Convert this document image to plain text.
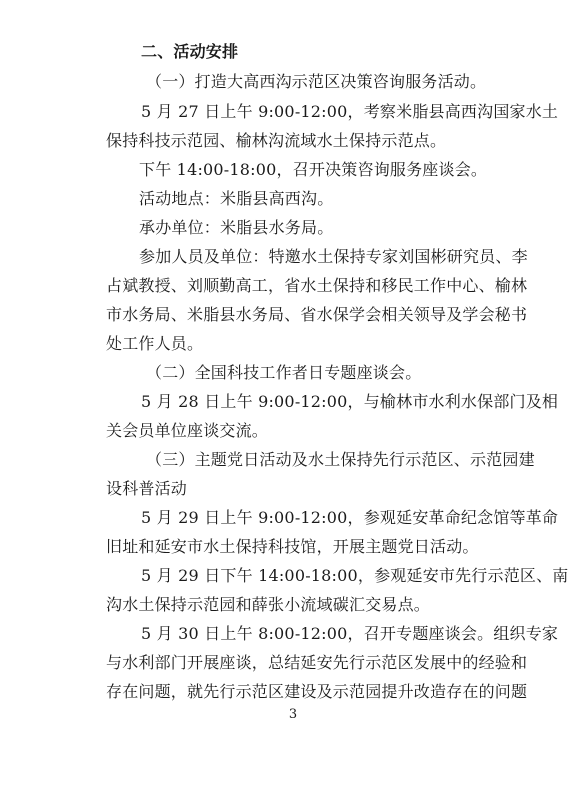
二、活动安排
（一）打造大高西沟示范区决策咨询服务活动。
5 月 27 日上午 9:00-12:00，考察米脂县高西沟国家水土
保持科技示范园、榆林沟流域水土保持示范点。
下午 14:00-18:00，召开决策咨询服务座谈会。
活动地点：米脂县高西沟。
承办单位：米脂县水务局。
参加人员及单位：特邀水土保持专家刘国彬研究员、李
占斌教授、刘顺勤高工，省水土保持和移民工作中心、榆林
市水务局、米脂县水务局、省水保学会相关领导及学会秘书
处工作人员。
（二）全国科技工作者日专题座谈会。
5 月 28 日上午 9:00-12:00，与榆林市水利水保部门及相
关会员单位座谈交流。
（三）主题党日活动及水土保持先行示范区、示范园建
设科普活动
5 月 29 日上午 9:00-12:00，参观延安革命纪念馆等革命
旧址和延安市水土保持科技馆，开展主题党日活动。
5 月 29 日下午 14:00-18:00，参观延安市先行示范区、南
沟水土保持示范园和薛张小流域碳汇交易点。
5 月 30 日上午 8:00-12:00，召开专题座谈会。组织专家
与水利部门开展座谈，总结延安先行示范区发展中的经验和
存在问题，就先行示范区建设及示范园提升改造存在的问题
3
